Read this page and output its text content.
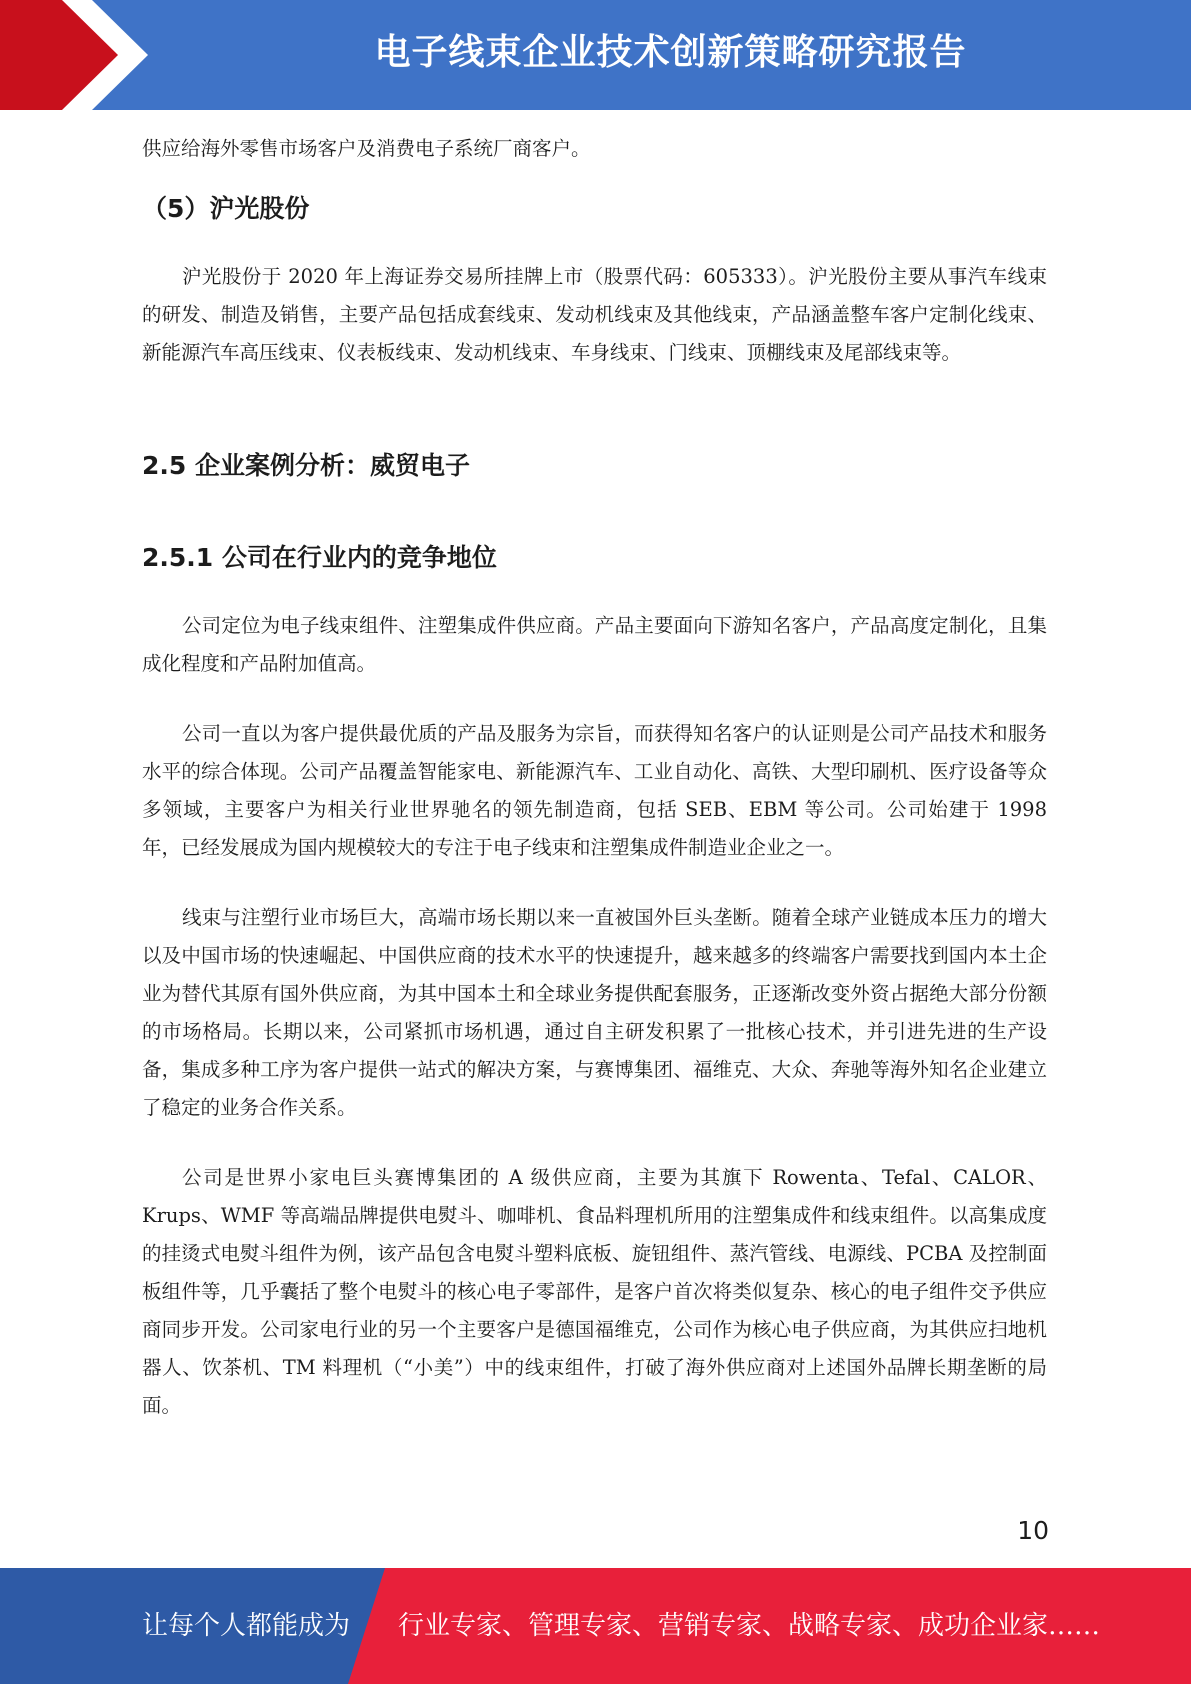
电子线束企业技术创新策略研究报告

供应给海外零售市场客户及消费电子系统厂商客户。

（5）沪光股份

沪光股份于 2020 年上海证券交易所挂牌上市（股票代码：605333）。沪光股份主要从事汽车线束的研发、制造及销售，主要产品包括成套线束、发动机线束及其他线束，产品涵盖整车客户定制化线束、新能源汽车高压线束、仪表板线束、发动机线束、车身线束、门线束、顶棚线束及尾部线束等。

2.5 企业案例分析：威贸电子
2.5.1 公司在行业内的竞争地位

公司定位为电子线束组件、注塑集成件供应商。产品主要面向下游知名客户，产品高度定制化，且集成化程度和产品附加值高。

公司一直以为客户提供最优质的产品及服务为宗旨，而获得知名客户的认证则是公司产品技术和服务水平的综合体现。公司产品覆盖智能家电、新能源汽车、工业自动化、高铁、大型印刷机、医疗设备等众多领域，主要客户为相关行业世界驰名的领先制造商，包括 SEB、EBM 等公司。公司始建于 1998 年，已经发展成为国内规模较大的专注于电子线束和注塑集成件制造业企业之一。

线束与注塑行业市场巨大，高端市场长期以来一直被国外巨头垄断。随着全球产业链成本压力的增大以及中国市场的快速崛起、中国供应商的技术水平的快速提升，越来越多的终端客户需要找到国内本土企业为替代其原有国外供应商，为其中国本土和全球业务提供配套服务，正逐渐改变外资占据绝大部分份额的市场格局。长期以来，公司紧抓市场机遇，通过自主研发积累了一批核心技术，并引进先进的生产设备，集成多种工序为客户提供一站式的解决方案，与赛博集团、福维克、大众、奔驰等海外知名企业建立了稳定的业务合作关系。

公司是世界小家电巨头赛博集团的 A 级供应商，主要为其旗下 Rowenta、Tefal、CALOR、Krups、WMF 等高端品牌提供电熨斗、咖啡机、食品料理机所用的注塑集成件和线束组件。以高集成度的挂烫式电熨斗组件为例，该产品包含电熨斗塑料底板、旋钮组件、蒸汽管线、电源线、PCBA 及控制面板组件等，几乎囊括了整个电熨斗的核心电子零部件，是客户首次将类似复杂、核心的电子组件交予供应商同步开发。公司家电行业的另一个主要客户是德国福维克，公司作为核心电子供应商，为其供应扫地机器人、饮茶机、TM 料理机（“小美”）中的线束组件，打破了海外供应商对上述国外品牌长期垄断的局面。

10
让每个人都能成为 行业专家、管理专家、营销专家、战略专家、成功企业家……
